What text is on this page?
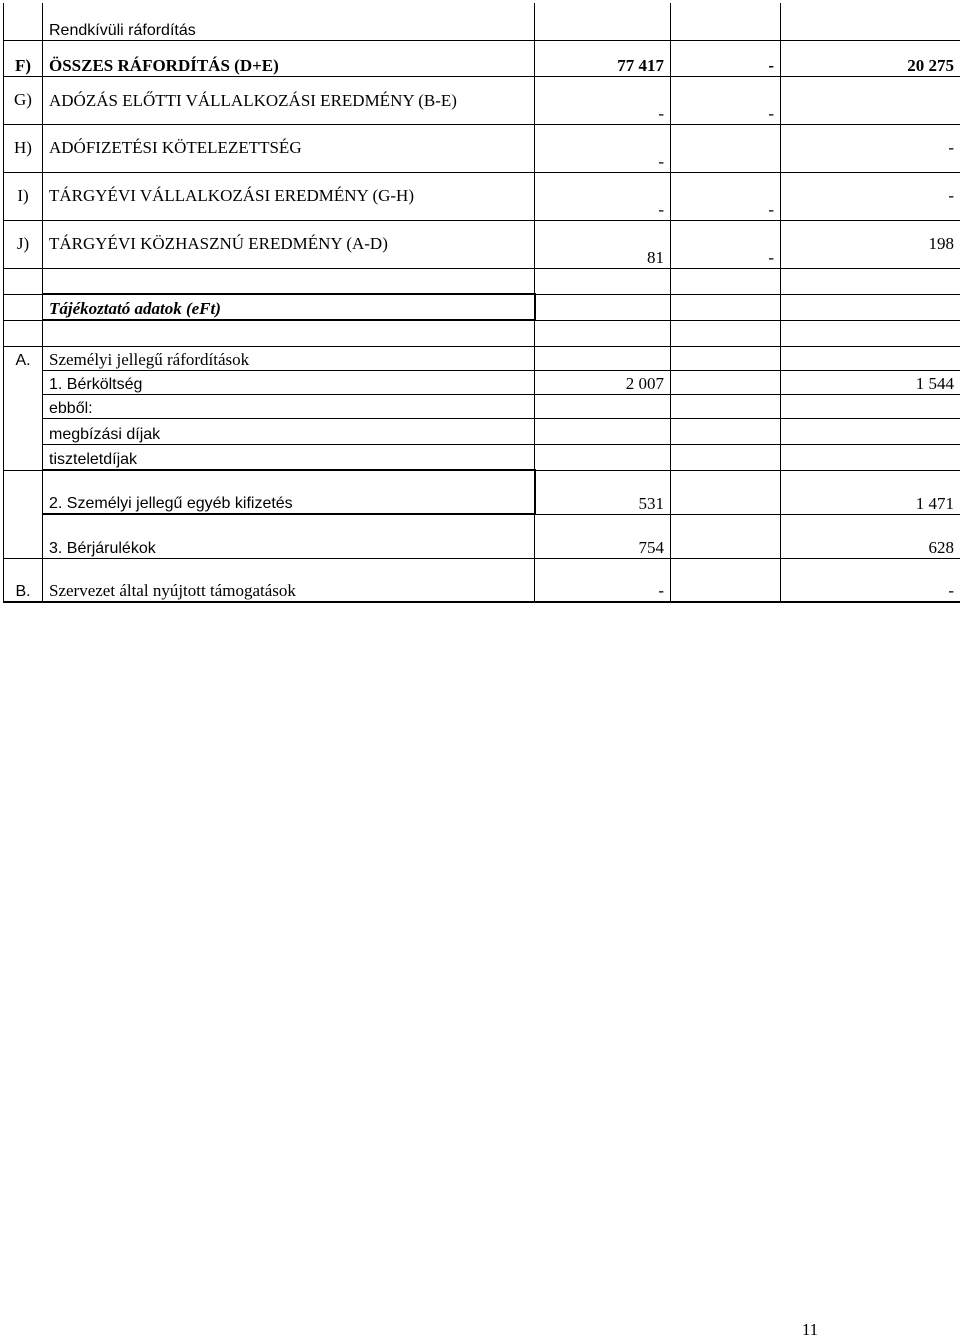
	Rendkívüli ráfordítás			
F)	ÖSSZES RÁFORDÍTÁS (D+E)	77 417	-	20 275
G)	ADÓZÁS ELŐTTI VÁLLALKOZÁSI EREDMÉNY (B-E)	-	-	
H)	ADÓFIZETÉSI KÖTELEZETTSÉG	-		-
I)	TÁRGYÉVI VÁLLALKOZÁSI EREDMÉNY (G-H)	-	-	-
J)	TÁRGYÉVI KÖZHASZNÚ EREDMÉNY (A-D)	81	-	198

	Tájékoztató adatok (eFt)			

A.	Személyi jellegű ráfordítások			
	1. Bérköltség	2 007		1 544
	ebből:			
	megbízási díjak			
	tiszteletdíjak			
	2. Személyi jellegű egyéb kifizetés	531		1 471
	3. Bérjárulékok	754		628
B.	Szervezet által nyújtott támogatások	-		-
11
